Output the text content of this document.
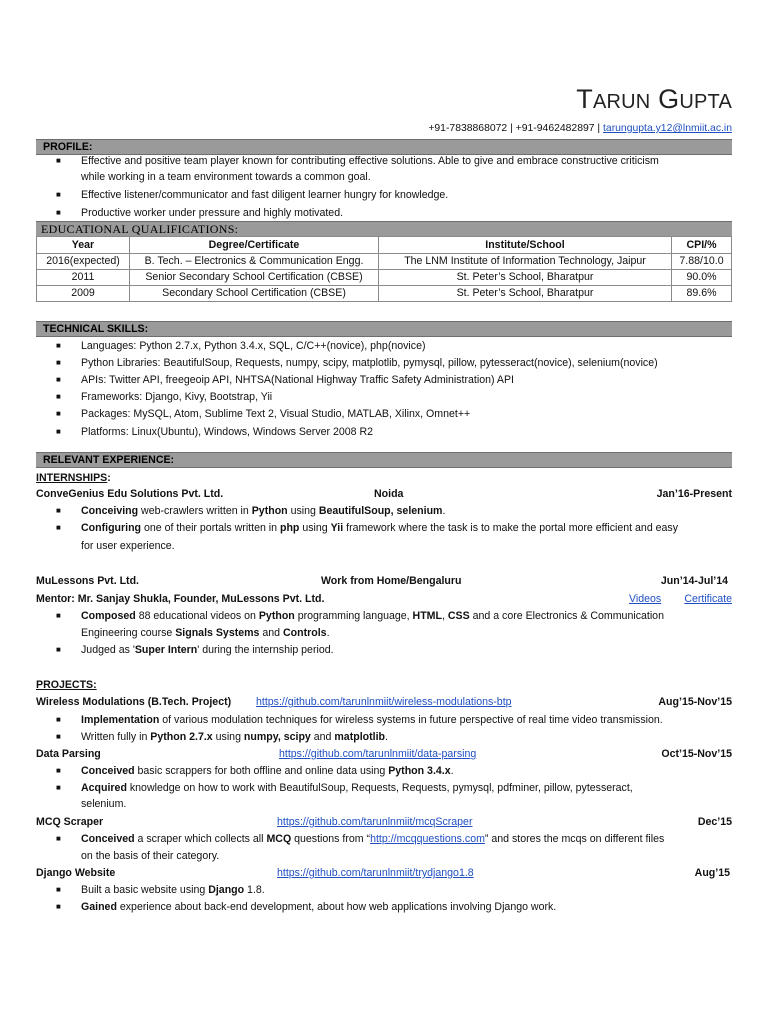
TARUN GUPTA
+91-7838868072 | +91-9462482897 | tarungupta.y12@lnmiit.ac.in
PROFILE:
■ Effective and positive team player known for contributing effective solutions. Able to give and embrace constructive criticism
while working in a team environment towards a common goal.
■ Effective listener/communicator and fast diligent learner hungry for knowledge.
■ Productive worker under pressure and highly motivated.
EDUCATIONAL QUALIFICATIONS:
Year	Degree/Certificate	Institute/School	CPI/%
2016(expected)	B. Tech. – Electronics & Communication Engg.	The LNM Institute of Information Technology, Jaipur	7.88/10.0
2011	Senior Secondary School Certification (CBSE)	St. Peter’s School, Bharatpur	90.0%
2009	Secondary School Certification (CBSE)	St. Peter’s School, Bharatpur	89.6%
TECHNICAL SKILLS:
■ Languages: Python 2.7.x, Python 3.4.x, SQL, C/C++(novice), php(novice)
■ Python Libraries: BeautifulSoup, Requests, numpy, scipy, matplotlib, pymysql, pillow, pytesseract(novice), selenium(novice)
■ APIs: Twitter API, freegeoip API, NHTSA(National Highway Traffic Safety Administration) API
■ Frameworks: Django, Kivy, Bootstrap, Yii
■ Packages: MySQL, Atom, Sublime Text 2, Visual Studio, MATLAB, Xilinx, Omnet++
■ Platforms: Linux(Ubuntu), Windows, Windows Server 2008 R2
RELEVANT EXPERIENCE:
INTERNSHIPS:
ConveGenius Edu Solutions Pvt. Ltd.	Noida	Jan’16-Present
■ Conceiving web-crawlers written in Python using BeautifulSoup, selenium.
■ Configuring one of their portals written in php using Yii framework where the task is to make the portal more efficient and easy
for user experience.
MuLessons Pvt. Ltd.	Work from Home/Bengaluru	Jun’14-Jul’14
Mentor: Mr. Sanjay Shukla, Founder, MuLessons Pvt. Ltd.	Videos Certificate
■ Composed 88 educational videos on Python programming language, HTML, CSS and a core Electronics & Communication
Engineering course Signals Systems and Controls.
■ Judged as 'Super Intern' during the internship period.
PROJECTS:
Wireless Modulations (B.Tech. Project) https://github.com/tarunlnmiit/wireless-modulations-btp	Aug’15-Nov’15
■ Implementation of various modulation techniques for wireless systems in future perspective of real time video transmission.
■ Written fully in Python 2.7.x using numpy, scipy and matplotlib.
Data Parsing	https://github.com/tarunlnmiit/data-parsing	Oct’15-Nov’15
■ Conceived basic scrappers for both offline and online data using Python 3.4.x.
■ Acquired knowledge on how to work with BeautifulSoup, Requests, Requests, pymysql, pdfminer, pillow, pytesseract,
selenium.
MCQ Scraper	https://github.com/tarunlnmiit/mcqScraper	Dec’15
■ Conceived a scraper which collects all MCQ questions from “http://mcqquestions.com” and stores the mcqs on different files
on the basis of their category.
Django Website	https://github.com/tarunlnmiit/trydjango1.8	Aug’15
■ Built a basic website using Django 1.8.
■ Gained experience about back-end development, about how web applications involving Django work.
